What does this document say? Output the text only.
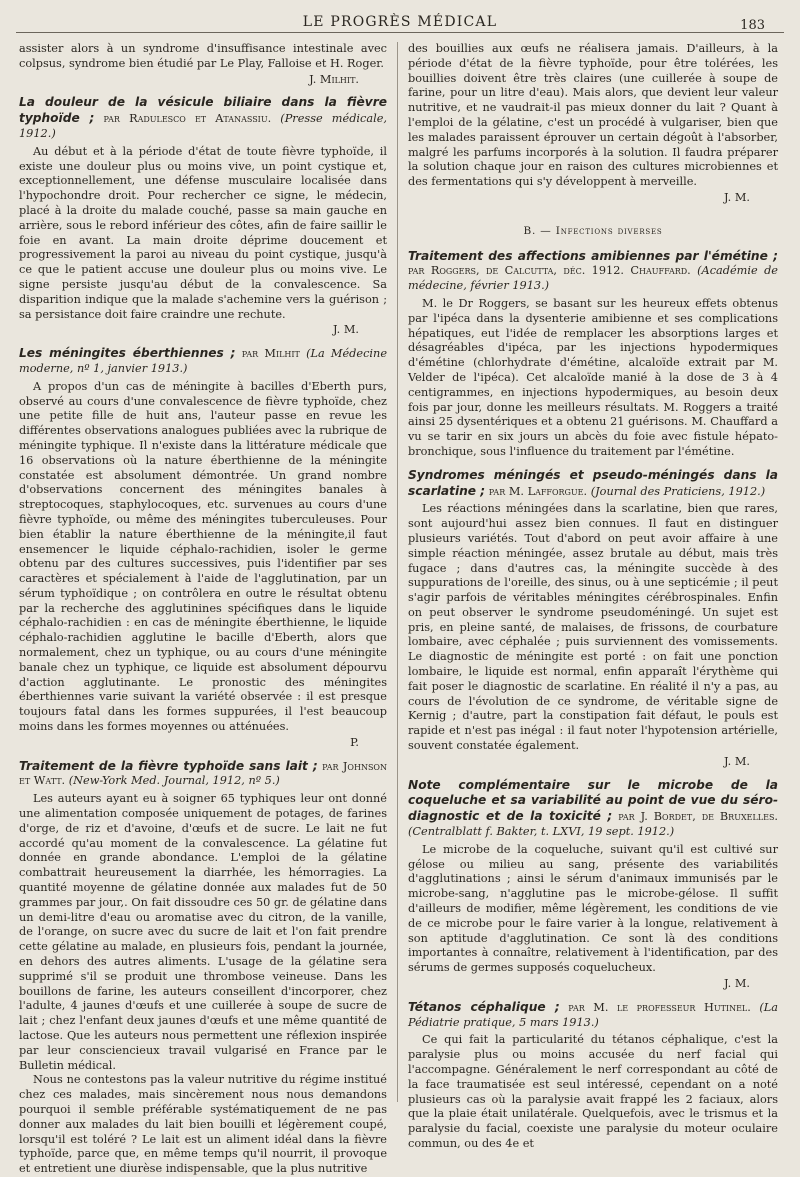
LE PROGRÈS MÉDICAL	183

assister alors à un syndrome d'insuffisance intestinale avec colpsus, syndrome bien étudié par Le Play, Falloise et H. Roger.

J. Milhit.

La douleur de la vésicule biliaire dans la fièvre typhoïde ; par Radulesco et Atanassiu. (Presse médicale, 1912.)

Au début et à la période d'état de toute fièvre typhoïde, il existe une douleur plus ou moins vive, un point cystique et, exceptionnellement, une défense musculaire localisée dans l'hypochondre droit. Pour rechercher ce signe, le médecin, placé à la droite du malade couché, passe sa main gauche en arrière, sous le rebord inférieur des côtes, afin de faire saillir le foie en avant. La main droite déprime doucement et progressivement la paroi au niveau du point cystique, jusqu'à ce que le patient accuse une douleur plus ou moins vive. Le signe persiste jusqu'au début de la convalescence. Sa disparition indique que la malade s'achemine vers la guérison ; sa persistance doit faire craindre une rechute.

J. M.

Les méningites éberthiennes ; par Milhit (La Médecine moderne, nº 1, janvier 1913.)

A propos d'un cas de méningite à bacilles d'Eberth purs, observé au cours d'une convalescence de fièvre typhoïde, chez une petite fille de huit ans, l'auteur passe en revue les différentes observations analogues publiées avec la rubrique de méningite typhique. Il n'existe dans la littérature médicale que 16 observations où la nature éberthienne de la méningite constatée est absolument démontrée. Un grand nombre d'observations concernent des méningites banales à streptocoques, staphylocoques, etc. survenues au cours d'une fièvre typhoïde, ou même des méningites tuberculeuses. Pour bien établir la nature éberthienne de la méningite,il faut ensemencer le liquide céphalo-rachidien, isoler le germe obtenu par des cultures successives, puis l'identifier par ses caractères et spécialement à l'aide de l'agglutination, par un sérum typhoïdique ; on contrôlera en outre le résultat obtenu par la recherche des agglutinines spécifiques dans le liquide céphalo-rachidien : en cas de méningite éberthienne, le liquide céphalo-rachidien agglutine le bacille d'Eberth, alors que normalement, chez un typhique, ou au cours d'une méningite banale chez un typhique, ce liquide est absolument dépourvu d'action agglutinante. Le pronostic des méningites éberthiennes varie suivant la variété observée : il est presque toujours fatal dans les formes suppurées, il l'est beaucoup moins dans les formes moyennes ou atténuées.

P.

Traitement de la fièvre typhoïde sans lait ; par Johnson et Watt. (New-York Med. Journal, 1912, nº 5.)

Les auteurs ayant eu à soigner 65 typhiques leur ont donné une alimentation composée uniquement de potages, de farines d'orge, de riz et d'avoine, d'œufs et de sucre. Le lait ne fut accordé qu'au moment de la convalescence. La gélatine fut donnée en grande abondance. L'emploi de la gélatine combattrait heureusement la diarrhée, les hémorragies. La quantité moyenne de gélatine donnée aux malades fut de 50 grammes par jour,. On fait dissoudre ces 50 gr. de gélatine dans un demi-litre d'eau ou aromatise avec du citron, de la vanille, de l'orange, on sucre avec du sucre de lait et l'on fait prendre cette gélatine au malade, en plusieurs fois, pendant la journée, en dehors des autres aliments. L'usage de la gélatine sera supprimé s'il se produit une thrombose veineuse. Dans les bouillons de farine, les auteurs conseillent d'incorporer, chez l'adulte, 4 jaunes d'œufs et une cuillerée à soupe de sucre de lait ; chez l'enfant deux jaunes d'œufs et une même quantité de lactose. Que les auteurs nous permettent une réflexion inspirée par leur consciencieux travail vulgarisé en France par le Bulletin médical.

Nous ne contestons pas la valeur nutritive du régime institué chez ces malades, mais sincèrement nous nous demandons pourquoi il semble préférable systématiquement de ne pas donner aux malades du lait bien bouilli et légèrement coupé, lorsqu'il est toléré ? Le lait est un aliment idéal dans la fièvre typhoïde, parce que, en même temps qu'il nourrit, il provoque et entretient une diurèse indispensable, que la plus nutritive

des bouillies aux œufs ne réalisera jamais. D'ailleurs, à la période d'état de la fièvre typhoïde, pour être tolérées, les bouillies doivent être très claires (une cuillerée à soupe de farine, pour un litre d'eau). Mais alors, que devient leur valeur nutritive, et ne vaudrait-il pas mieux donner du lait ? Quant à l'emploi de la gélatine, c'est un procédé à vulgariser, bien que les malades paraissent éprouver un certain dégoût à l'absorber, malgré les parfums incorporés à la solution. Il faudra préparer la solution chaque jour en raison des cultures microbiennes et des fermentations qui s'y développent à merveille.

J. M.

B. — Infections diverses

Traitement des affections amibiennes par l'émétine ; par Roggers, de Calcutta, déc. 1912. Chauffard. (Académie de médecine, février 1913.)

M. le Dr Roggers, se basant sur les heureux effets obtenus par l'ipéca dans la dysenterie amibienne et ses complications hépatiques, eut l'idée de remplacer les absorptions larges et désagréables d'ipéca, par les injections hypodermiques d'émétine (chlorhydrate d'émétine, alcaloïde extrait par M. Velder de l'ipéca). Cet alcaloïde manié à la dose de 3 à 4 centigrammes, en injections hypodermiques, au besoin deux fois par jour, donne les meilleurs résultats. M. Roggers a traité ainsi 25 dysentériques et a obtenu 21 guérisons. M. Chauffard a vu se tarir en six jours un abcès du foie avec fistule hépato-bronchique, sous l'influence du traitement par l'émétine.

Syndromes méningés et pseudo-méningés dans la scarlatine ; par M. Lafforgue. (Journal des Praticiens, 1912.)

Les réactions méningées dans la scarlatine, bien que rares, sont aujourd'hui assez bien connues. Il faut en distinguer plusieurs variétés. Tout d'abord on peut avoir affaire à une simple réaction méningée, assez brutale au début, mais très fugace ; dans d'autres cas, la méningite succède à des suppurations de l'oreille, des sinus, ou à une septicémie ; il peut s'agir parfois de véritables méningites cérébrospinales. Enfin on peut observer le syndrome pseudoméningé. Un sujet est pris, en pleine santé, de malaises, de frissons, de courbature lombaire, avec céphalée ; puis surviennent des vomissements. Le diagnostic de méningite est porté : on fait une ponction lombaire, le liquide est normal, enfin apparaît l'érythème qui fait poser le diagnostic de scarlatine. En réalité il n'y a pas, au cours de l'évolution de ce syndrome, de véritable signe de Kernig ; d'autre, part la constipation fait défaut, le pouls est rapide et n'est pas inégal : il faut noter l'hypotension artérielle, souvent constatée également.

J. M.

Note complémentaire sur le microbe de la coqueluche et sa variabilité au point de vue du séro-diagnostic et de la toxicité ; par J. Bordet, de Bruxelles. (Centralblatt f. Bakter, t. LXVI, 19 sept. 1912.)

Le microbe de la coqueluche, suivant qu'il est cultivé sur gélose ou milieu au sang, présente des variabilités d'agglutinations ; ainsi le sérum d'animaux immunisés par le microbe-sang, n'agglutine pas le microbe-gélose. Il suffit d'ailleurs de modifier, même légèrement, les conditions de vie de ce microbe pour le faire varier à la longue, relativement à son aptitude d'agglutination. Ce sont là des conditions importantes à connaître, relativement à l'identification, par des sérums de germes supposés coquelucheux.

J. M.

Tétanos céphalique ; par M. le professeur Hutinel. (La Pédiatrie pratique, 5 mars 1913.)

Ce qui fait la particularité du tétanos céphalique, c'est la paralysie plus ou moins accusée du nerf facial qui l'accompagne. Généralement le nerf correspondant au côté de la face traumatisée est seul intéressé, cependant on a noté plusieurs cas où la paralysie avait frappé les 2 faciaux, alors que la plaie était unilatérale. Quelquefois, avec le trismus et la paralysie du facial, coexiste une paralysie du moteur oculaire commun, ou des 4e et
